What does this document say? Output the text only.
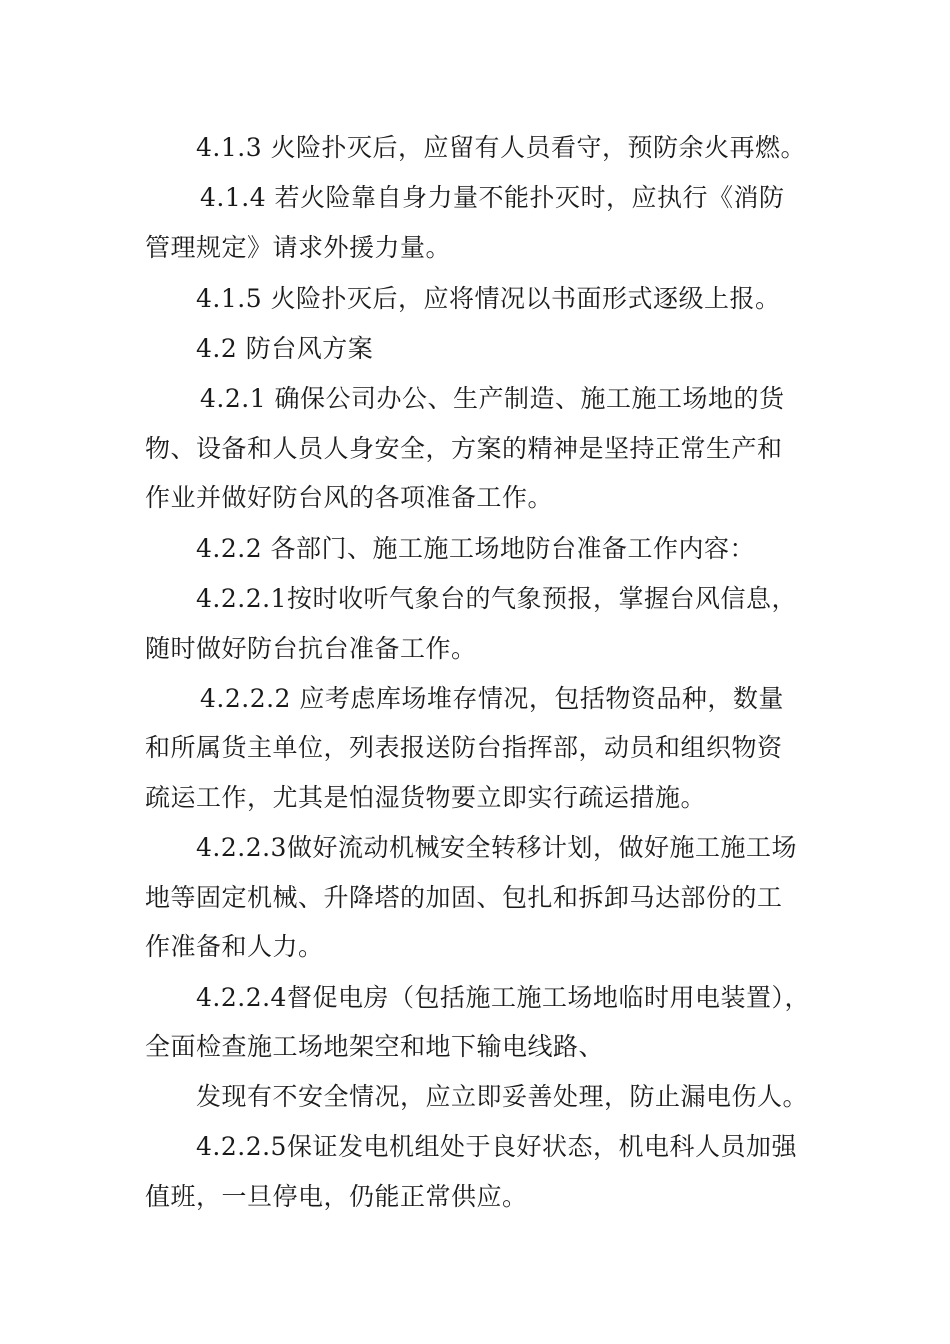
4.1.3 火险扑灭后，应留有人员看守，预防余火再燃。
4.1.4 若火险靠自身力量不能扑灭时，应执行《消防
管理规定》请求外援力量。
4.1.5 火险扑灭后，应将情况以书面形式逐级上报。
4.2 防台风方案
4.2.1 确保公司办公、生产制造、施工施工场地的货
物、设备和人员人身安全，方案的精神是坚持正常生产和
作业并做好防台风的各项准备工作。
4.2.2 各部门、施工施工场地防台准备工作内容：
4.2.2.1按时收听气象台的气象预报，掌握台风信息，
随时做好防台抗台准备工作。
4.2.2.2 应考虑库场堆存情况，包括物资品种，数量
和所属货主单位，列表报送防台指挥部，动员和组织物资
疏运工作，尤其是怕湿货物要立即实行疏运措施。
4.2.2.3做好流动机械安全转移计划，做好施工施工场
地等固定机械、升降塔的加固、包扎和拆卸马达部份的工
作准备和人力。
4.2.2.4督促电房（包括施工施工场地临时用电装置），
全面检查施工场地架空和地下输电线路、
发现有不安全情况，应立即妥善处理，防止漏电伤人。
4.2.2.5保证发电机组处于良好状态，机电科人员加强
值班，一旦停电，仍能正常供应。
